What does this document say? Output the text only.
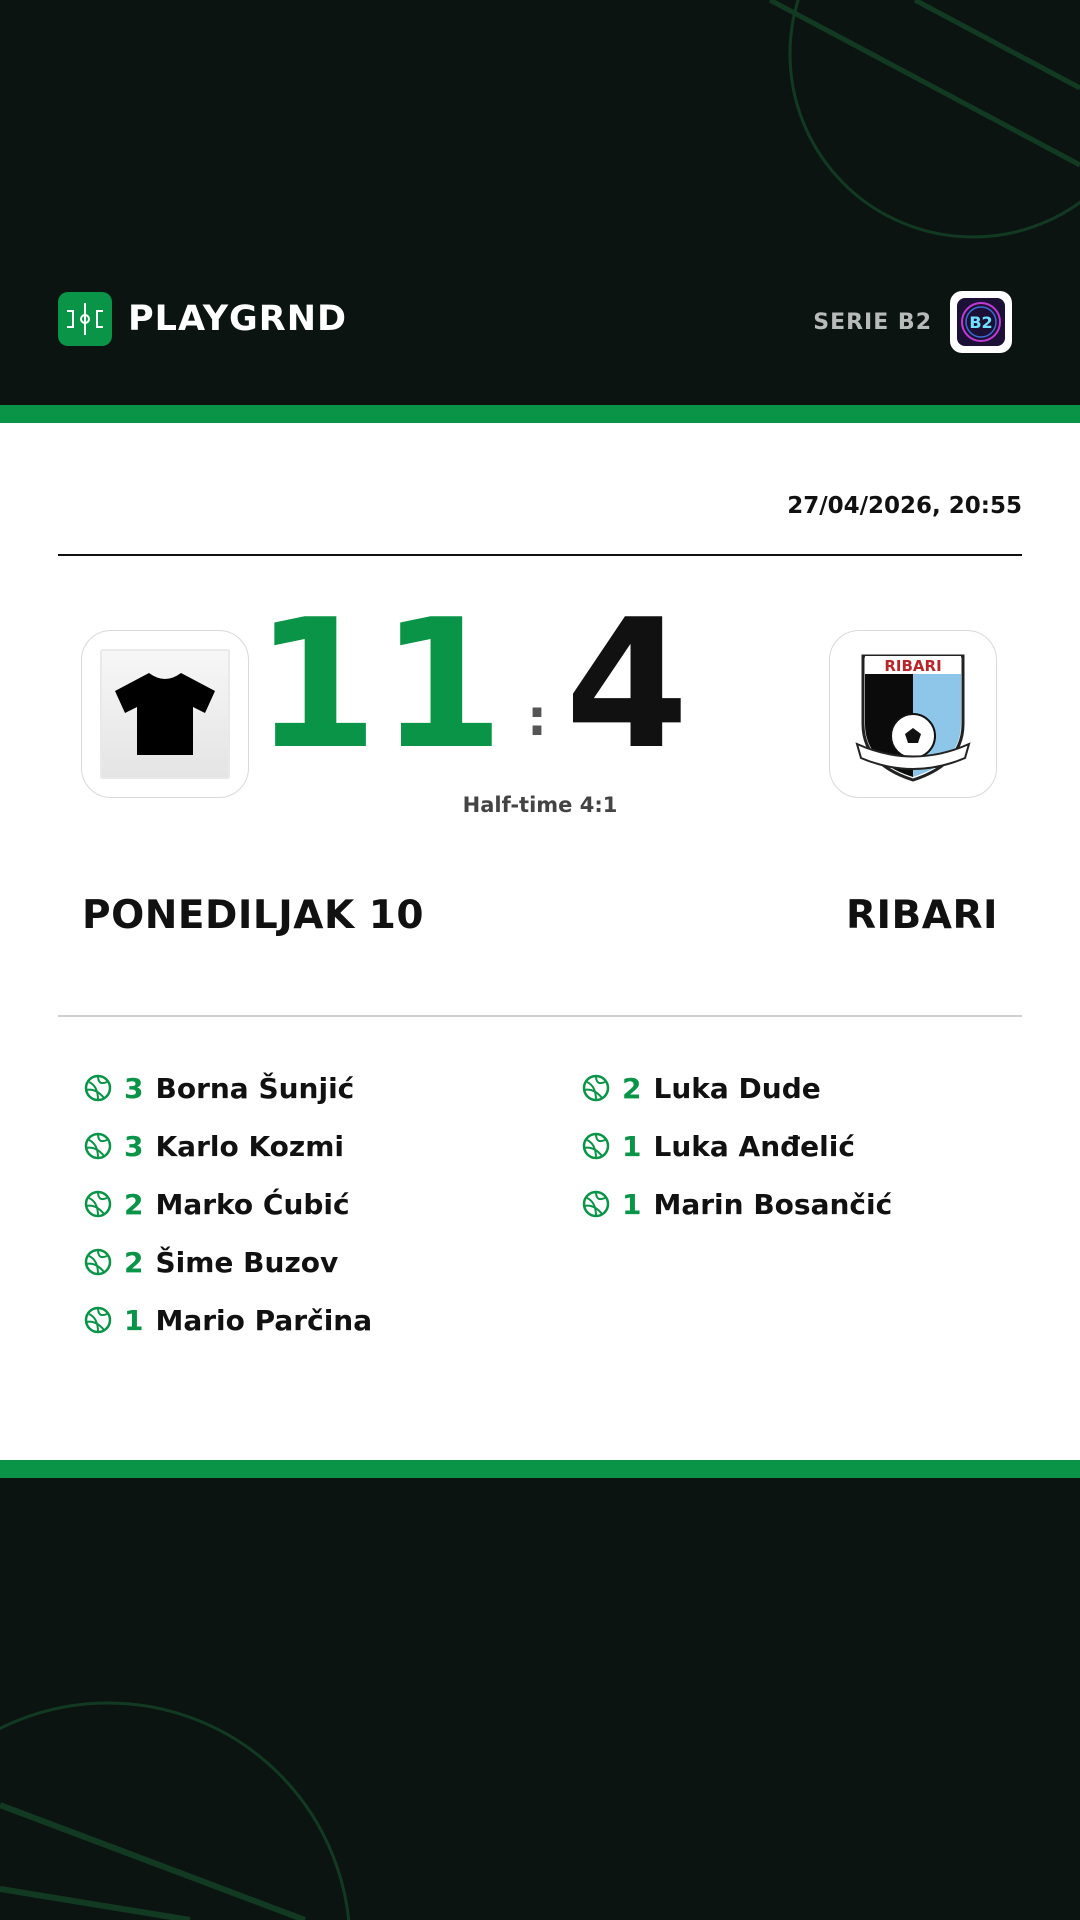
PLAYGRND	SERIE B2 B2
27/04/2026, 20:55
11 : 4	RIBARI
Half-time 4:1
PONEDILJAK 10	RIBARI
3 Borna Šunjić
3 Karlo Kozmi
2 Marko Ćubić
2 Šime Buzov
1 Mario Parčina
2 Luka Dude
1 Luka Anđelić
1 Marin Bosančić
